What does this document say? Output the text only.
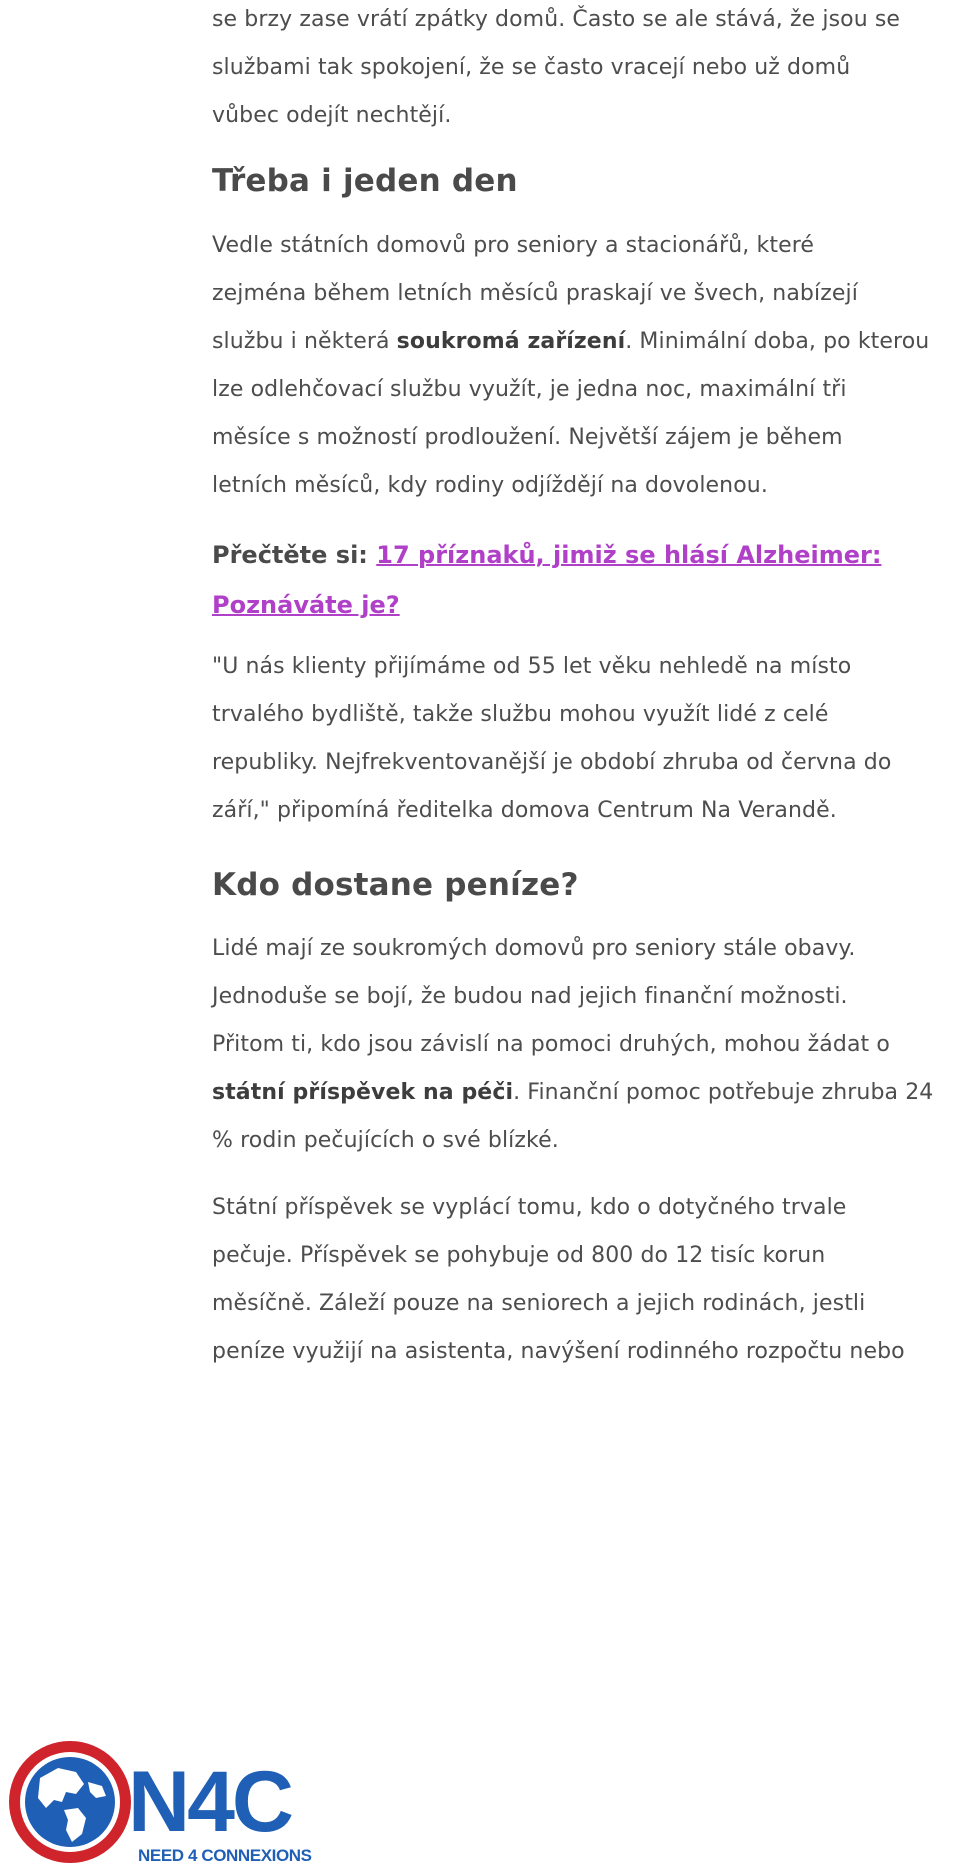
se brzy zase vrátí zpátky domů. Často se ale stává, že jsou se

službami tak spokojení, že se často vracejí nebo už domů

vůbec odejít nechtějí.

Třeba i jeden den

Vedle státních domovů pro seniory a stacionářů, které

zejména během letních měsíců praskají ve švech, nabízejí

službu i některá soukromá zařízení. Minimální doba, po kterou

lze odlehčovací službu využít, je jedna noc, maximální tři

měsíce s možností prodloužení. Největší zájem je během

letních měsíců, kdy rodiny odjíždějí na dovolenou.

Přečtěte si: 17 příznaků, jimiž se hlásí Alzheimer:

Poznáváte je?

"U nás klienty přijímáme od 55 let věku nehledě na místo

trvalého bydliště, takže službu mohou využít lidé z celé

republiky. Nejfrekventovanější je období zhruba od června do

září," připomíná ředitelka domova Centrum Na Verandě.

Kdo dostane peníze?

Lidé mají ze soukromých domovů pro seniory stále obavy.

Jednoduše se bojí, že budou nad jejich finanční možnosti.

Přitom ti, kdo jsou závislí na pomoci druhých, mohou žádat o

státní příspěvek na péči. Finanční pomoc potřebuje zhruba 24

% rodin pečujících o své blízké.

Státní příspěvek se vyplácí tomu, kdo o dotyčného trvale

pečuje. Příspěvek se pohybuje od 800 do 12 tisíc korun

měsíčně. Záleží pouze na seniorech a jejich rodinách, jestli

peníze využijí na asistenta, navýšení rodinného rozpočtu nebo

N4C
NEED 4 CONNEXIONS
